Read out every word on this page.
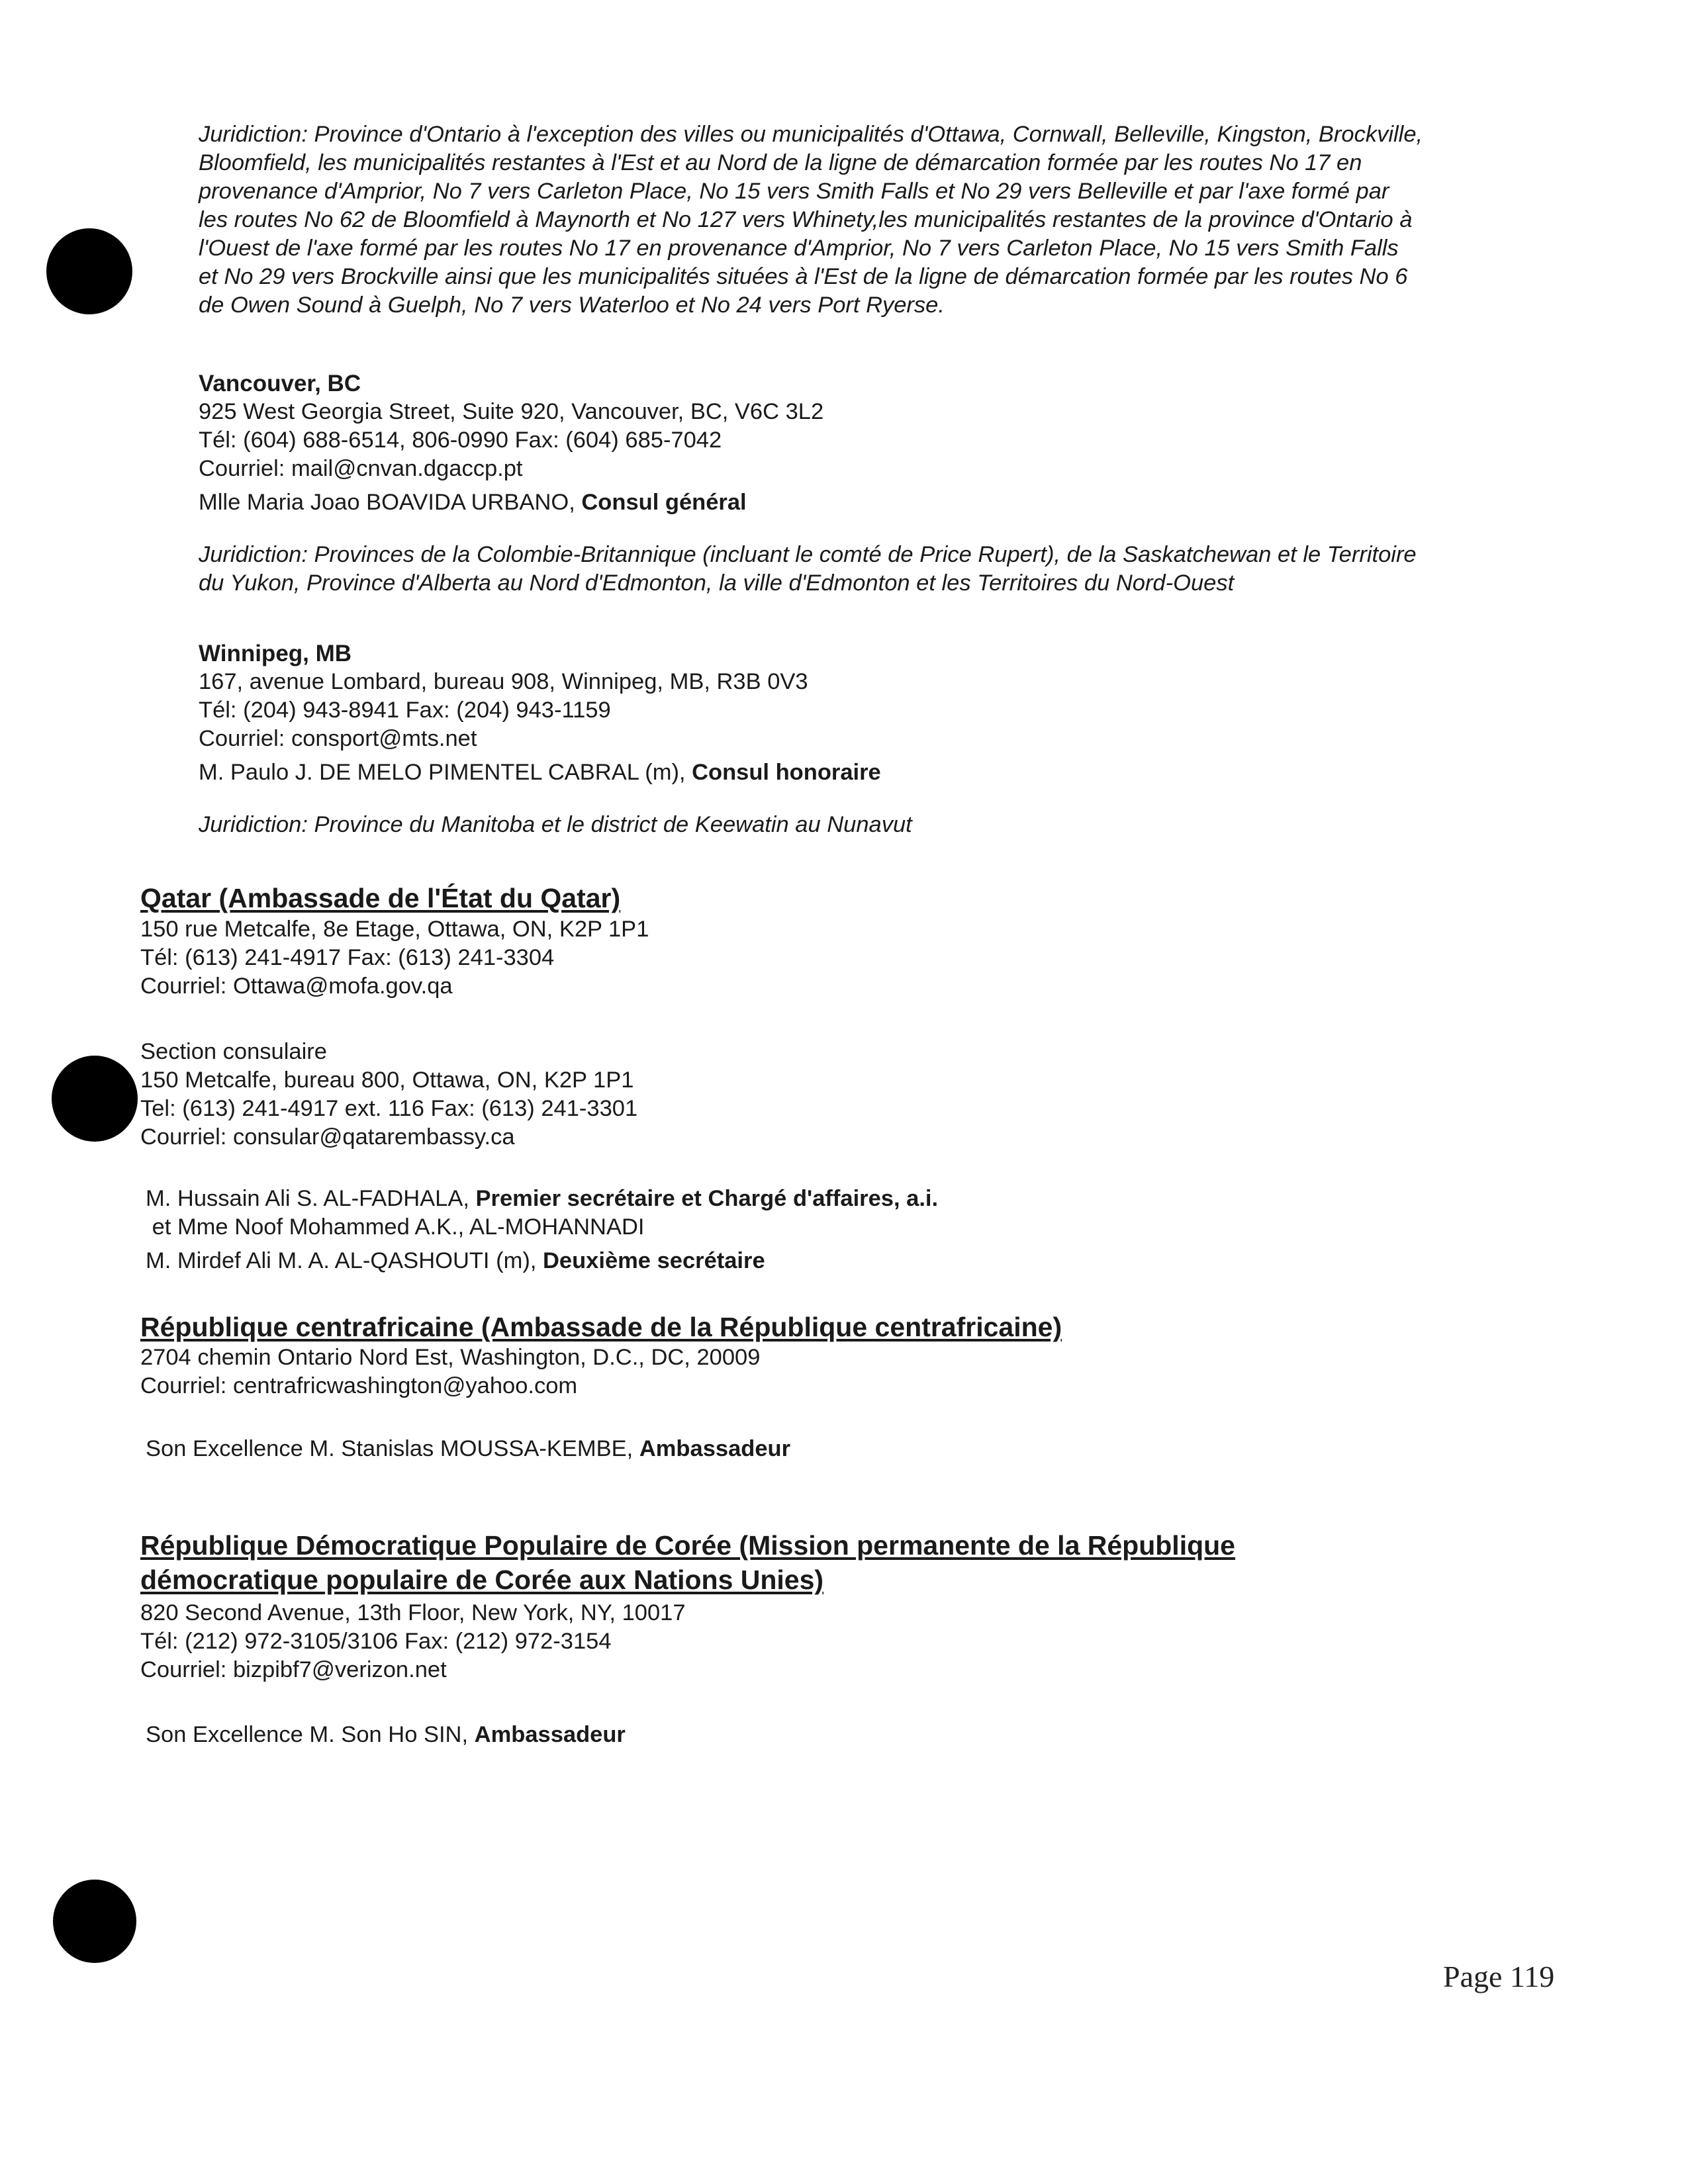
Juridiction: Province d'Ontario à l'exception des villes ou municipalités d'Ottawa, Cornwall, Belleville, Kingston, Brockville,
Bloomfield, les municipalités restantes à l'Est et au Nord de la ligne de démarcation formée par les routes No 17 en
provenance d'Amprior, No 7 vers Carleton Place, No 15 vers Smith Falls et No 29 vers Belleville et par l'axe formé par
les routes No 62 de Bloomfield à Maynorth et No 127 vers Whinety,les municipalités restantes de la province d'Ontario à
l'Ouest de l'axe formé par les routes No 17 en provenance d'Amprior, No 7 vers Carleton Place, No 15 vers Smith Falls
et No 29 vers Brockville ainsi que les municipalités situées à l'Est de la ligne de démarcation formée par les routes No 6
de Owen Sound à Guelph, No 7 vers Waterloo et No 24 vers Port Ryerse.
Vancouver, BC
925 West Georgia Street, Suite 920, Vancouver, BC, V6C 3L2
Tél: (604) 688-6514, 806-0990 Fax: (604) 685-7042
Courriel: mail@cnvan.dgaccp.pt
Mlle Maria Joao BOAVIDA URBANO, Consul général
Juridiction: Provinces de la Colombie-Britannique (incluant le comté de Price Rupert), de la Saskatchewan et le Territoire
du Yukon, Province d'Alberta au Nord d'Edmonton, la ville d'Edmonton et les Territoires du Nord-Ouest
Winnipeg, MB
167, avenue Lombard, bureau 908, Winnipeg, MB, R3B 0V3
Tél: (204) 943-8941 Fax: (204) 943-1159
Courriel: consport@mts.net
M. Paulo J. DE MELO PIMENTEL CABRAL (m), Consul honoraire
Juridiction: Province du Manitoba et le district de Keewatin au Nunavut
Qatar (Ambassade de l'État du Qatar)
150 rue Metcalfe, 8e Etage, Ottawa, ON, K2P 1P1
Tél: (613) 241-4917 Fax: (613) 241-3304
Courriel: Ottawa@mofa.gov.qa
Section consulaire
150 Metcalfe, bureau 800, Ottawa, ON, K2P 1P1
Tel: (613) 241-4917 ext. 116 Fax: (613) 241-3301
Courriel: consular@qatarembassy.ca
M. Hussain Ali S. AL-FADHALA, Premier secrétaire et Chargé d'affaires, a.i.
et Mme Noof Mohammed A.K., AL-MOHANNADI
M. Mirdef Ali M. A. AL-QASHOUTI (m), Deuxième secrétaire
République centrafricaine (Ambassade de la République centrafricaine)
2704 chemin Ontario Nord Est, Washington, D.C., DC, 20009
Courriel: centrafricwashington@yahoo.com
Son Excellence M. Stanislas MOUSSA-KEMBE, Ambassadeur
République Démocratique Populaire de Corée (Mission permanente de la République
démocratique populaire de Corée aux Nations Unies)
820 Second Avenue, 13th Floor, New York, NY, 10017
Tél: (212) 972-3105/3106 Fax: (212) 972-3154
Courriel: bizpibf7@verizon.net
Son Excellence M. Son Ho SIN, Ambassadeur
Page 119
